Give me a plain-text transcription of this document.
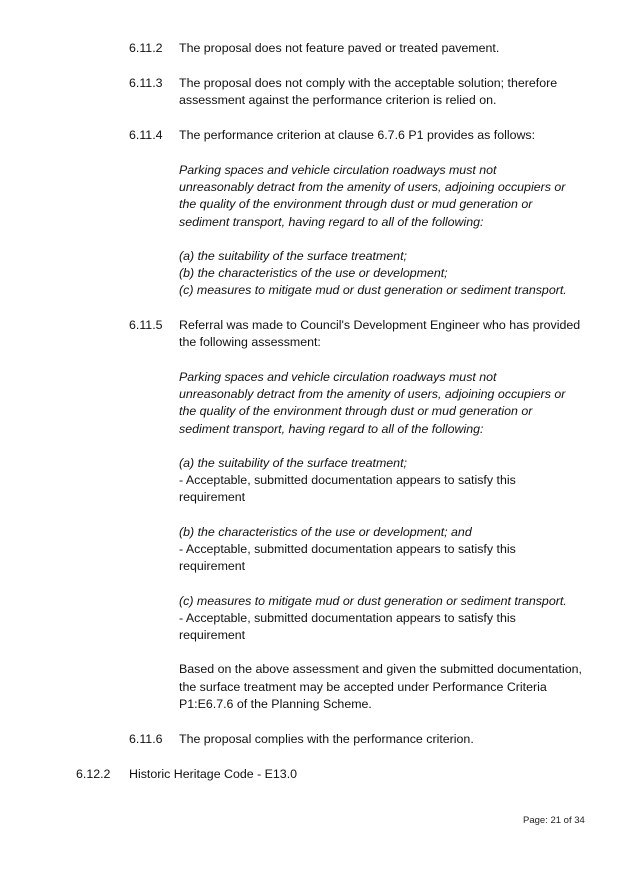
6.11.2	The proposal does not feature paved or treated pavement.
6.11.3	The proposal does not comply with the acceptable solution; therefore
assessment against the performance criterion is relied on.
6.11.4	The performance criterion at clause 6.7.6 P1 provides as follows:
Parking spaces and vehicle circulation roadways must not
unreasonably detract from the amenity of users, adjoining occupiers or
the quality of the environment through dust or mud generation or
sediment transport, having regard to all of the following:
(a) the suitability of the surface treatment;
(b) the characteristics of the use or development;
(c) measures to mitigate mud or dust generation or sediment transport.
6.11.5	Referral was made to Council's Development Engineer who has provided
the following assessment:
Parking spaces and vehicle circulation roadways must not
unreasonably detract from the amenity of users, adjoining occupiers or
the quality of the environment through dust or mud generation or
sediment transport, having regard to all of the following:
(a) the suitability of the surface treatment;
- Acceptable, submitted documentation appears to satisfy this
requirement
(b) the characteristics of the use or development; and
- Acceptable, submitted documentation appears to satisfy this
requirement
(c) measures to mitigate mud or dust generation or sediment transport.
- Acceptable, submitted documentation appears to satisfy this
requirement
Based on the above assessment and given the submitted documentation,
the surface treatment may be accepted under Performance Criteria
P1:E6.7.6 of the Planning Scheme.
6.11.6	The proposal complies with the performance criterion.
6.12.2	Historic Heritage Code - E13.0
Page: 21 of 34
